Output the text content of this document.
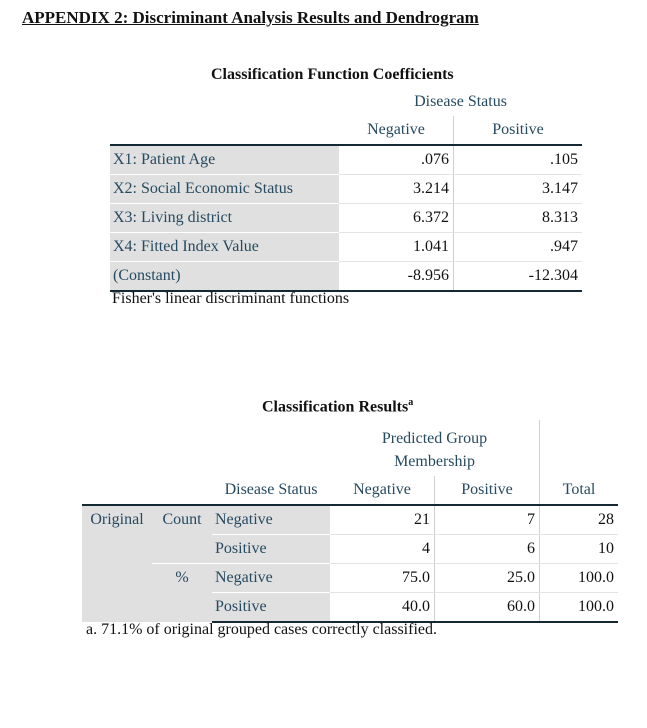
APPENDIX 2: Discriminant Analysis Results and Dendrogram
Classification Function Coefficients
	Disease Status	
	Negative	Positive
X1: Patient Age	.076	.105
X2: Social Economic Status	3.214	3.147
X3: Living district	6.372	8.313
X4: Fitted Index Value	1.041	.947
(Constant)	-8.956	-12.304
Fisher's linear discriminant functions
Classification Results$^a$
			Predicted Group		
			Membership		
		Disease Status	Negative	Positive	Total
Original	Count	Negative	21	7	28
		Positive	4	6	10
	%	Negative	75.0	25.0	100.0
		Positive	40.0	60.0	100.0
a. 71.1% of original grouped cases correctly classified.
